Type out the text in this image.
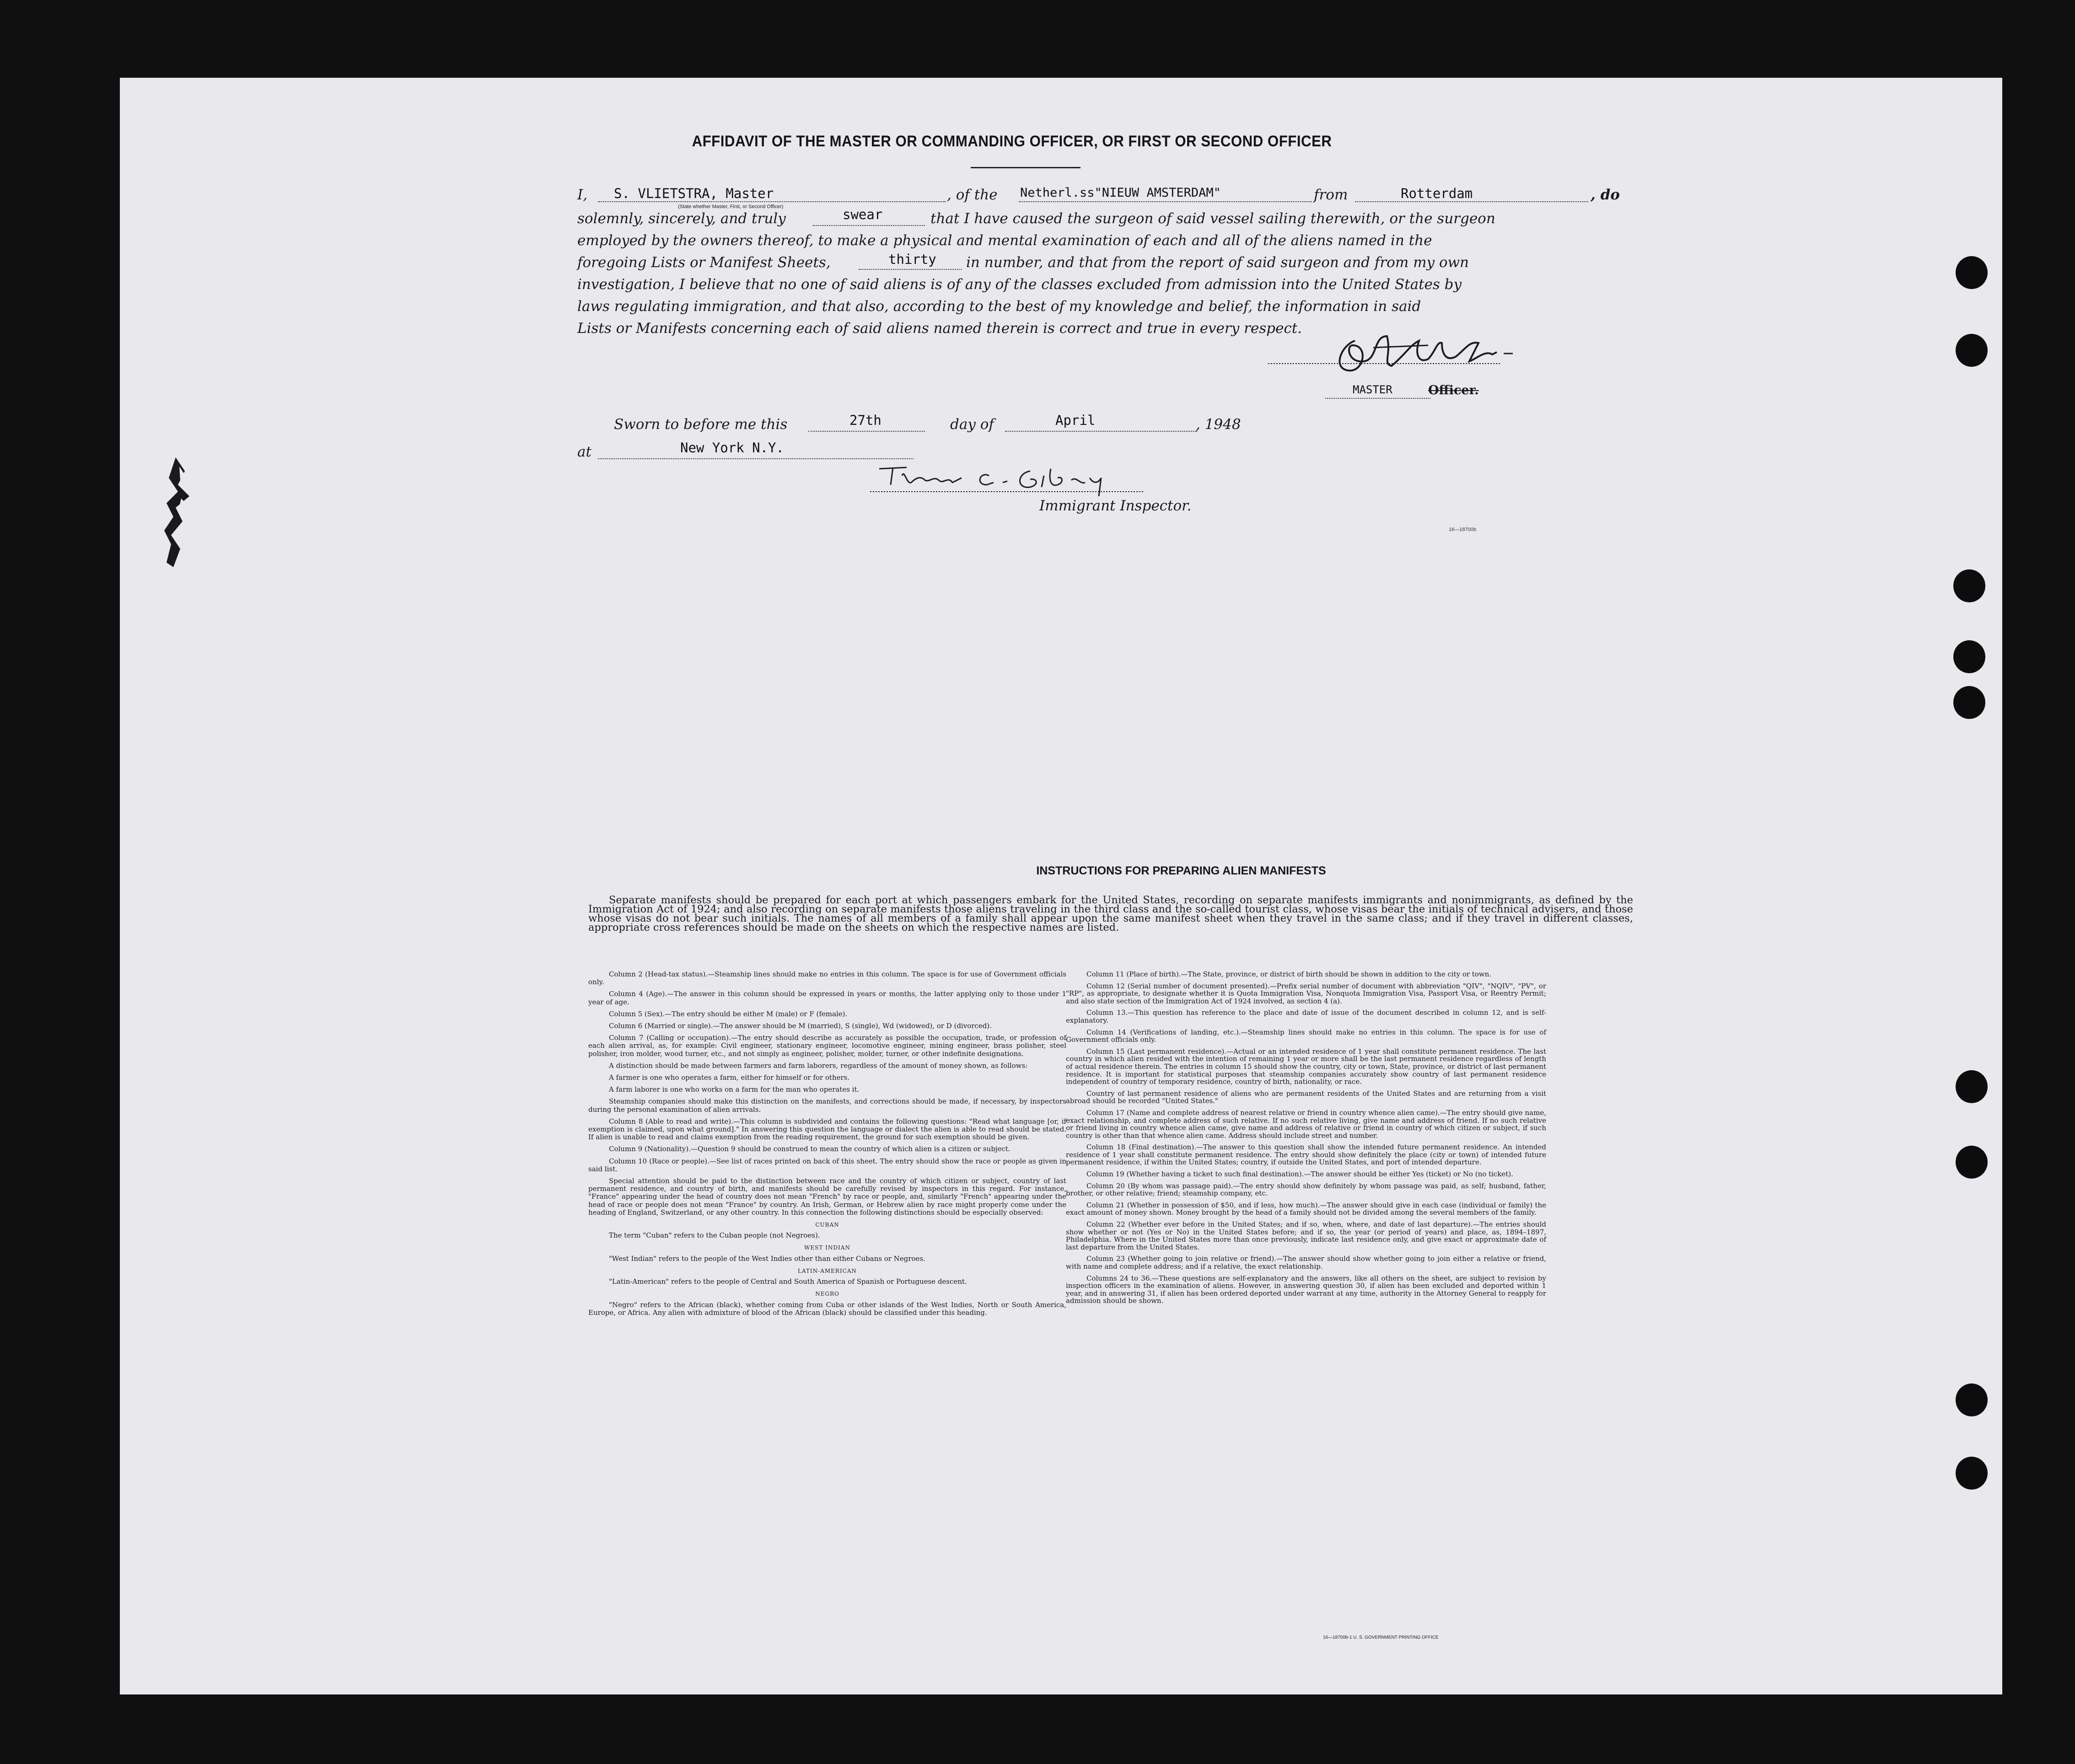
AFFIDAVIT OF THE MASTER OR COMMANDING OFFICER, OR FIRST OR SECOND OFFICER
I,	S. VLIETSTRA, Master	, of the	Netherl.ss"NIEUW AMSTERDAM"	from	Rotterdam	, do
(State whether Master, First, or Second Officer)
solemnly, sincerely, and truly	swear	that I have caused the surgeon of said vessel sailing therewith, or the surgeon
employed by the owners thereof, to make a physical and mental examination of each and all of the aliens named in the
foregoing Lists or Manifest Sheets,	thirty in number, and that from the report of said surgeon and from my own
investigation, I believe that no one of said aliens is of any of the classes excluded from admission into the United States by
laws regulating immigration, and that also, according to the best of my knowledge and belief, the information in said
Lists or Manifests concerning each of said aliens named therein is correct and true in every respect.
MASTER	Officer.
Sworn to before me this	27th	day of	April	, 1948
at	New York N.Y.
Immigrant Inspector.
16—18700b
INSTRUCTIONS FOR PREPARING ALIEN MANIFESTS
Separate manifests should be prepared for each port at which passengers embark for the United States, recording on separate manifests immigrants and nonimmigrants, as defined by the Immigration Act of 1924; and also recording on separate manifests those aliens traveling in the third class and the so-called tourist class, whose visas bear the initials of technical advisers, and those whose visas do not bear such initials. The names of all members of a family shall appear upon the same manifest sheet when they travel in the same class; and if they travel in different classes, appropriate cross references should be made on the sheets on which the respective names are listed.

Column 2 (Head-tax status).—Steamship lines should make no entries in this column. The space is for use of Government officials only.

Column 4 (Age).—The answer in this column should be expressed in years or months, the latter applying only to those under 1 year of age.

Column 5 (Sex).—The entry should be either M (male) or F (female).

Column 6 (Married or single).—The answer should be M (married), S (single), Wd (widowed), or D (divorced).

Column 7 (Calling or occupation).—The entry should describe as accurately as possible the occupation, trade, or profession of each alien arrival, as, for example: Civil engineer, stationary engineer, locomotive engineer, mining engineer, brass polisher, steel polisher, iron molder, wood turner, etc., and not simply as engineer, polisher, molder, turner, or other indefinite designations.

A distinction should be made between farmers and farm laborers, regardless of the amount of money shown, as follows:

A farmer is one who operates a farm, either for himself or for others.

A farm laborer is one who works on a farm for the man who operates it.

Steamship companies should make this distinction on the manifests, and corrections should be made, if necessary, by inspectors during the personal examination of alien arrivals.

Column 8 (Able to read and write).—This column is subdivided and contains the following questions: "Read what language [or, if exemption is claimed, upon what ground]." In answering this question the language or dialect the alien is able to read should be stated. If alien is unable to read and claims exemption from the reading requirement, the ground for such exemption should be given.

Column 9 (Nationality).—Question 9 should be construed to mean the country of which alien is a citizen or subject.

Column 10 (Race or people).—See list of races printed on back of this sheet. The entry should show the race or people as given in said list.

Special attention should be paid to the distinction between race and the country of which citizen or subject, country of last permanent residence, and country of birth, and manifests should be carefully revised by inspectors in this regard. For instance, "France" appearing under the head of country does not mean "French" by race or people, and, similarly "French" appearing under the head of race or people does not mean "France" by country. An Irish, German, or Hebrew alien by race might properly come under the heading of England, Switzerland, or any other country. In this connection the following distinctions should be especially observed:

CUBAN

The term "Cuban" refers to the Cuban people (not Negroes).

WEST INDIAN

"West Indian" refers to the people of the West Indies other than either Cubans or Negroes.

LATIN-AMERICAN

"Latin-American" refers to the people of Central and South America of Spanish or Portuguese descent.

NEGRO

"Negro" refers to the African (black), whether coming from Cuba or other islands of the West Indies, North or South America, Europe, or Africa. Any alien with admixture of blood of the African (black) should be classified under this heading.

Column 11 (Place of birth).—The State, province, or district of birth should be shown in addition to the city or town.

Column 12 (Serial number of document presented).—Prefix serial number of document with abbreviation "QIV", "NQIV", "PV", or "RP", as appropriate, to designate whether it is Quota Immigration Visa, Nonquota Immigration Visa, Passport Visa, or Reentry Permit; and also state section of the Immigration Act of 1924 involved, as section 4 (a).

Column 13.—This question has reference to the place and date of issue of the document described in column 12, and is self-explanatory.

Column 14 (Verifications of landing, etc.).—Steamship lines should make no entries in this column. The space is for use of Government officials only.

Column 15 (Last permanent residence).—Actual or an intended residence of 1 year shall constitute permanent residence. The last country in which alien resided with the intention of remaining 1 year or more shall be the last permanent residence regardless of length of actual residence therein. The entries in column 15 should show the country, city or town, State, province, or district of last permanent residence. It is important for statistical purposes that steamship companies accurately show country of last permanent residence independent of country of temporary residence, country of birth, nationality, or race.

Country of last permanent residence of aliens who are permanent residents of the United States and are returning from a visit abroad should be recorded "United States."

Column 17 (Name and complete address of nearest relative or friend in country whence alien came).—The entry should give name, exact relationship, and complete address of such relative. If no such relative living, give name and address of friend. If no such relative or friend living in country whence alien came, give name and address of relative or friend in country of which citizen or subject, if such country is other than that whence alien came. Address should include street and number.

Column 18 (Final destination).—The answer to this question shall show the intended future permanent residence. An intended residence of 1 year shall constitute permanent residence. The entry should show definitely the place (city or town) of intended future permanent residence, if within the United States; country, if outside the United States, and port of intended departure.

Column 19 (Whether having a ticket to such final destination).—The answer should be either Yes (ticket) or No (no ticket).

Column 20 (By whom was passage paid).—The entry should show definitely by whom passage was paid, as self; husband, father, brother, or other relative; friend; steamship company, etc.

Column 21 (Whether in possession of $50, and if less, how much).—The answer should give in each case (individual or family) the exact amount of money shown. Money brought by the head of a family should not be divided among the several members of the family.

Column 22 (Whether ever before in the United States; and if so, when, where, and date of last departure).—The entries should show whether or not (Yes or No) in the United States before; and if so, the year (or period of years) and place, as, 1894–1897, Philadelphia. Where in the United States more than once previously, indicate last residence only, and give exact or approximate date of last departure from the United States.

Column 23 (Whether going to join relative or friend).—The answer should show whether going to join either a relative or friend, with name and complete address; and if a relative, the exact relationship.

Columns 24 to 36.—These questions are self-explanatory and the answers, like all others on the sheet, are subject to revision by inspection officers in the examination of aliens. However, in answering question 30, if alien has been excluded and deported within 1 year, and in answering 31, if alien has been ordered deported under warrant at any time, authority in the Attorney General to reapply for admission should be shown.

16—18700b-1 U. S. GOVERNMENT PRINTING OFFICE
